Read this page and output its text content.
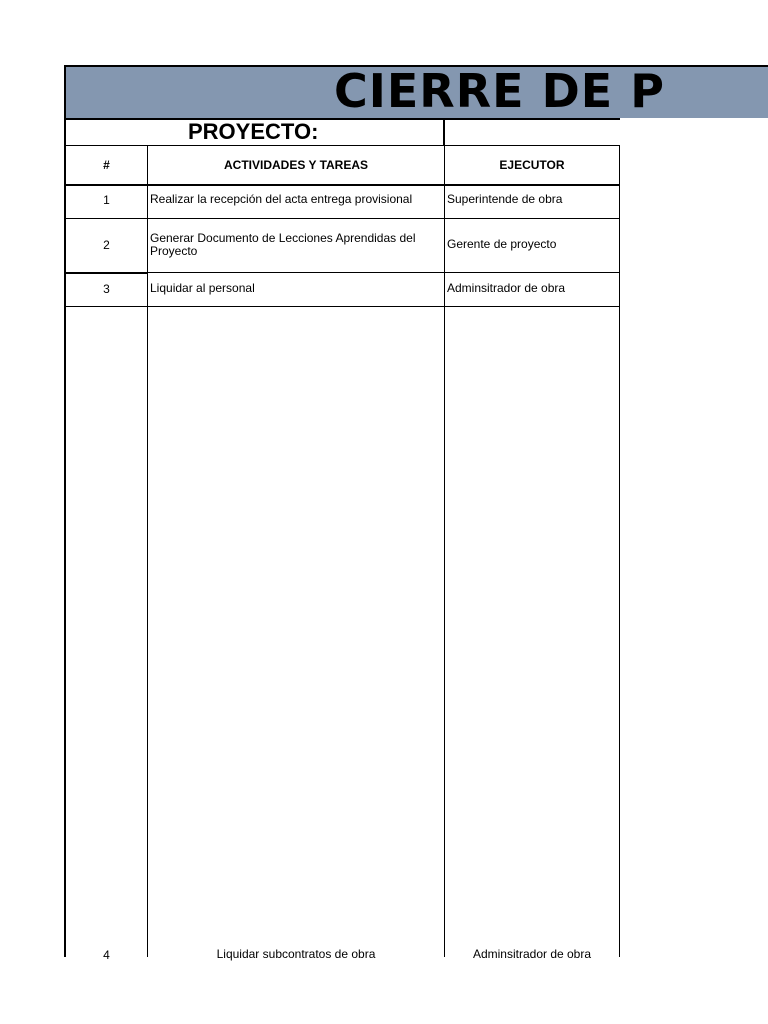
CIERRE DE P
PROYECTO:
#	ACTIVIDADES Y TAREAS	EJECUTOR
1	Realizar la recepción del acta entrega provisional	Superintende de obra
2	Generar Documento de Lecciones Aprendidas del Proyecto	Gerente de proyecto
3	Liquidar al personal	Adminsitrador de obra
4	Liquidar subcontratos de obra	Adminsitrador de obra
